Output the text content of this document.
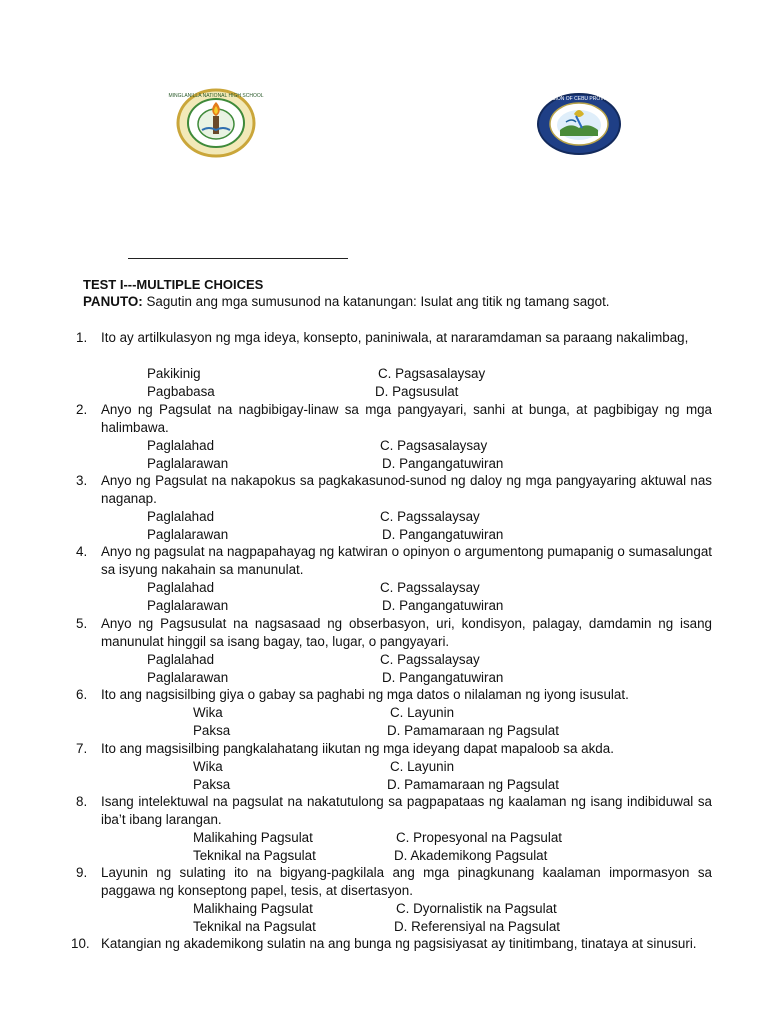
MINGLANILLA NATIONAL HIGH SCHOOL	DIVISION OF CEBU PROVINCE
TEST I---MULTIPLE CHOICES
PANUTO: Sagutin ang mga sumusunod na katanungan: Isulat ang titik ng tamang sagot.
1. Ito ay artilkulasyon ng mga ideya, konsepto, paniniwala, at nararamdaman sa paraang nakalimbag,
Pakikinig	C. Pagsasalaysay
Pagbabasa	D. Pagsusulat
2. Anyo ng Pagsulat na nagbibigay-linaw sa mga pangyayari, sanhi at bunga, at pagbibigay ng mga halimbawa.
Paglalahad	C. Pagsasalaysay
Paglalarawan	D. Pangangatuwiran
3. Anyo ng Pagsulat na nakapokus sa pagkakasunod-sunod ng daloy ng mga pangyayaring aktuwal nas naganap.
Paglalahad	C. Pagssalaysay
Paglalarawan	D. Pangangatuwiran
4. Anyo ng pagsulat na nagpapahayag ng katwiran o opinyon o argumentong pumapanig o sumasalungat sa isyung nakahain sa manunulat.
Paglalahad	C. Pagssalaysay
Paglalarawan	D. Pangangatuwiran
5. Anyo ng Pagsusulat na nagsasaad ng obserbasyon, uri, kondisyon, palagay, damdamin ng isang manunulat hinggil sa isang bagay, tao, lugar, o pangyayari.
Paglalahad	C. Pagssalaysay
Paglalarawan	D. Pangangatuwiran
6. Ito ang nagsisilbing giya o gabay sa paghabi ng mga datos o nilalaman ng iyong isusulat.
Wika	C. Layunin
Paksa	D. Pamamaraan ng Pagsulat
7. Ito ang magsisilbing pangkalahatang iikutan ng mga ideyang dapat mapaloob sa akda.
Wika	C. Layunin
Paksa	D. Pamamaraan ng Pagsulat
8. Isang intelektuwal na pagsulat na nakatutulong sa pagpapataas ng kaalaman ng isang indibiduwal sa iba’t ibang larangan.
Malikahing Pagsulat	C. Propesyonal na Pagsulat
Teknikal na Pagsulat	D. Akademikong Pagsulat
9. Layunin ng sulating ito na bigyang-pagkilala ang mga pinagkunang kaalaman impormasyon sa paggawa ng konseptong papel, tesis, at disertasyon.
Malikhaing Pagsulat	C. Dyornalistik na Pagsulat
Teknikal na Pagsulat	D. Referensiyal na Pagsulat
10. Katangian ng akademikong sulatin na ang bunga ng pagsisiyasat ay tinitimbang, tinataya at sinusuri.
